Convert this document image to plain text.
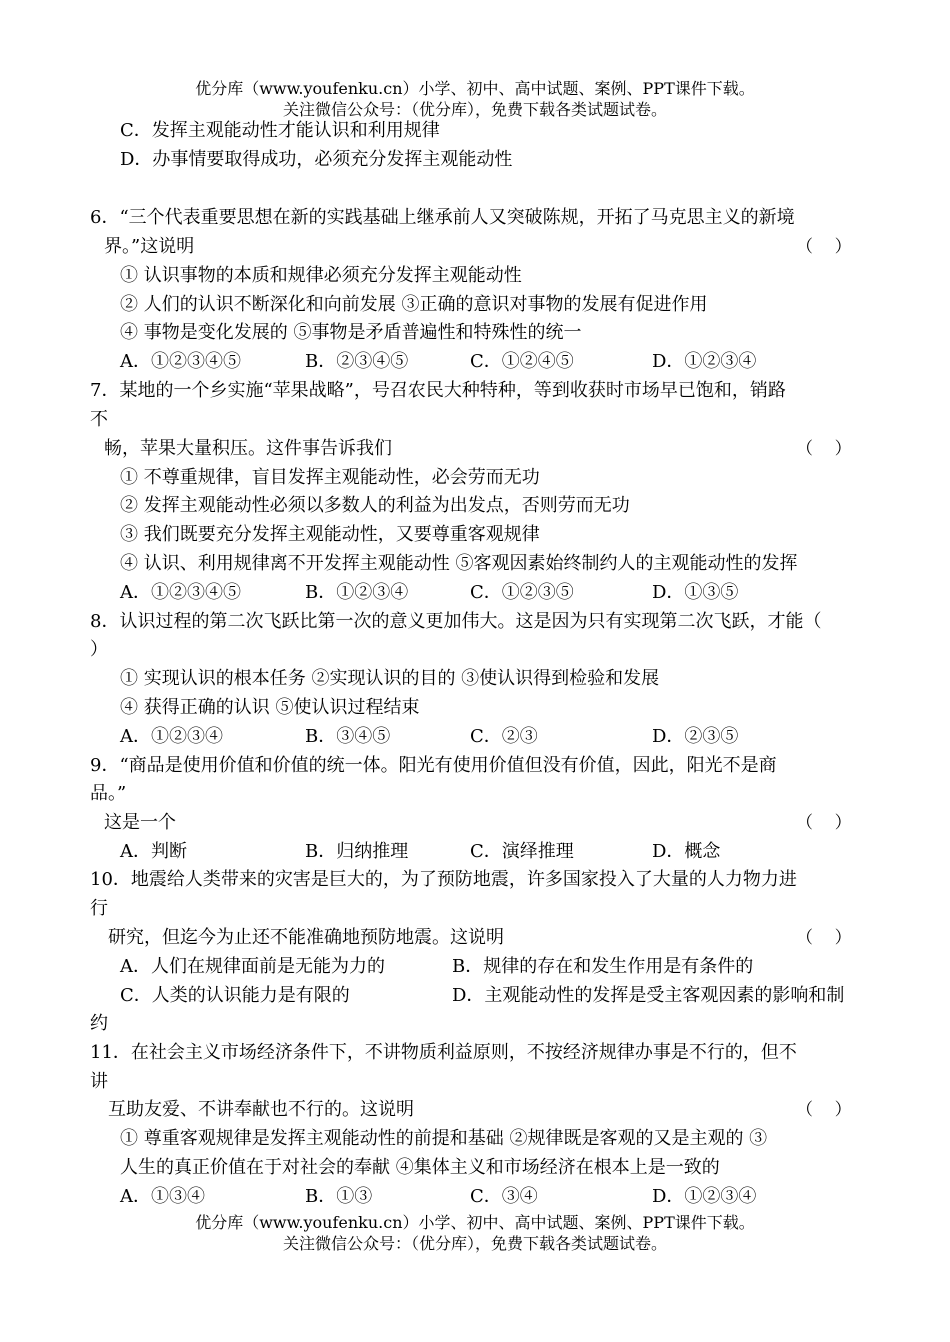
优分库（www.youfenku.cn）小学、初中、高中试题、案例、PPT课件下载。
关注微信公众号：（优分库），免费下载各类试题试卷。
C．发挥主观能动性才能认识和利用规律
D．办事情要取得成功，必须充分发挥主观能动性
6．“三个代表重要思想在新的实践基础上继承前人又突破陈规，开拓了马克思主义的新境
界。”这说明	（    ）
① 认识事物的本质和规律必须充分发挥主观能动性
② 人们的认识不断深化和向前发展 ③正确的意识对事物的发展有促进作用
④ 事物是变化发展的 ⑤事物是矛盾普遍性和特殊性的统一
A．①②③④⑤	B．②③④⑤	C．①②④⑤	D．①②③④
7．某地的一个乡实施“苹果战略”，号召农民大种特种，等到收获时市场早已饱和，销路
不
畅，苹果大量积压。这件事告诉我们	（    ）
① 不尊重规律，盲目发挥主观能动性，必会劳而无功
② 发挥主观能动性必须以多数人的利益为出发点，否则劳而无功
③ 我们既要充分发挥主观能动性，又要尊重客观规律
④ 认识、利用规律离不开发挥主观能动性 ⑤客观因素始终制约人的主观能动性的发挥
A．①②③④⑤	B．①②③④	C．①②③⑤	D．①③⑤
8．认识过程的第二次飞跃比第一次的意义更加伟大。这是因为只有实现第二次飞跃，才能（
）
① 实现认识的根本任务 ②实现认识的目的 ③使认识得到检验和发展
④ 获得正确的认识 ⑤使认识过程结束
A．①②③④	B．③④⑤	C．②③	D．②③⑤
9．“商品是使用价值和价值的统一体。阳光有使用价值但没有价值，因此，阳光不是商
品。”
这是一个	（    ）
A．判断	B．归纳推理	C．演绎推理	D．概念
10．地震给人类带来的灾害是巨大的，为了预防地震，许多国家投入了大量的人力物力进
行
研究，但迄今为止还不能准确地预防地震。这说明	（    ）
A．人们在规律面前是无能为力的	B．规律的存在和发生作用是有条件的
C．人类的认识能力是有限的	D．主观能动性的发挥是受主客观因素的影响和制
约
11．在社会主义市场经济条件下，不讲物质利益原则，不按经济规律办事是不行的，但不
讲
互助友爱、不讲奉献也不行的。这说明	（    ）
① 尊重客观规律是发挥主观能动性的前提和基础 ②规律既是客观的又是主观的 ③
人生的真正价值在于对社会的奉献 ④集体主义和市场经济在根本上是一致的
A．①③④	B．①③	C．③④	D．①②③④
优分库（www.youfenku.cn）小学、初中、高中试题、案例、PPT课件下载。
关注微信公众号：（优分库），免费下载各类试题试卷。
